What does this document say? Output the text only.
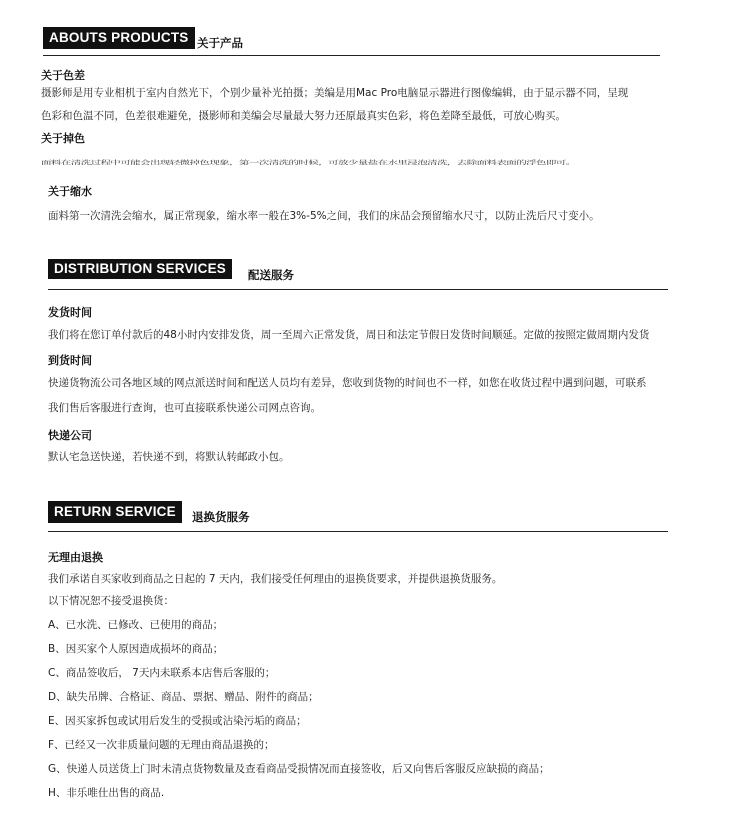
ABOUTS PRODUCTS 关于产品
关于色差
摄影师是用专业相机于室内自然光下，个别少量补光拍摄；美编是用Mac Pro电脑显示器进行图像编辑，由于显示器不同，呈现
色彩和色温不同，色差很难避免，摄影师和美编会尽量最大努力还原最真实色彩，将色差降至最低，可放心购买。
关于掉色
面料在清洗过程中可能会出现轻微掉色现象，第一次清洗的时候，可放少量盐在水里浸泡清洗，去除面料表面的浮色即可。
关于缩水
面料第一次清洗会缩水，属正常现象，缩水率一般在3%-5%之间，我们的床品会预留缩水尺寸，以防止洗后尺寸变小。
DISTRIBUTION SERVICES	配送服务
发货时间
我们将在您订单付款后的48小时内安排发货，周一至周六正常发货，周日和法定节假日发货时间顺延。定做的按照定做周期内发货
到货时间
快递货物流公司各地区域的网点派送时间和配送人员均有差异，您收到货物的时间也不一样，如您在收货过程中遇到问题，可联系
我们售后客服进行查询，也可直接联系快递公司网点咨询。
快递公司
默认宅急送快递，若快递不到，将默认转邮政小包。
RETURN SERVICE	退换货服务
无理由退换
我们承诺自买家收到商品之日起的 7 天内，我们接受任何理由的退换货要求，并提供退换货服务。
以下情况恕不接受退换货：
A、已水洗、已修改、已使用的商品；
B、因买家个人原因造成损坏的商品；
C、商品签收后， 7天内未联系本店售后客服的；
D、缺失吊牌、合格证、商品、票据、赠品、附件的商品；
E、因买家拆包或试用后发生的受损或沾染污垢的商品；
F、已经又一次非质量问题的无理由商品退换的；
G、快递人员送货上门时未清点货物数量及查看商品受损情况而直接签收，后又向售后客服反应缺损的商品；
H、非乐唯仕出售的商品.
